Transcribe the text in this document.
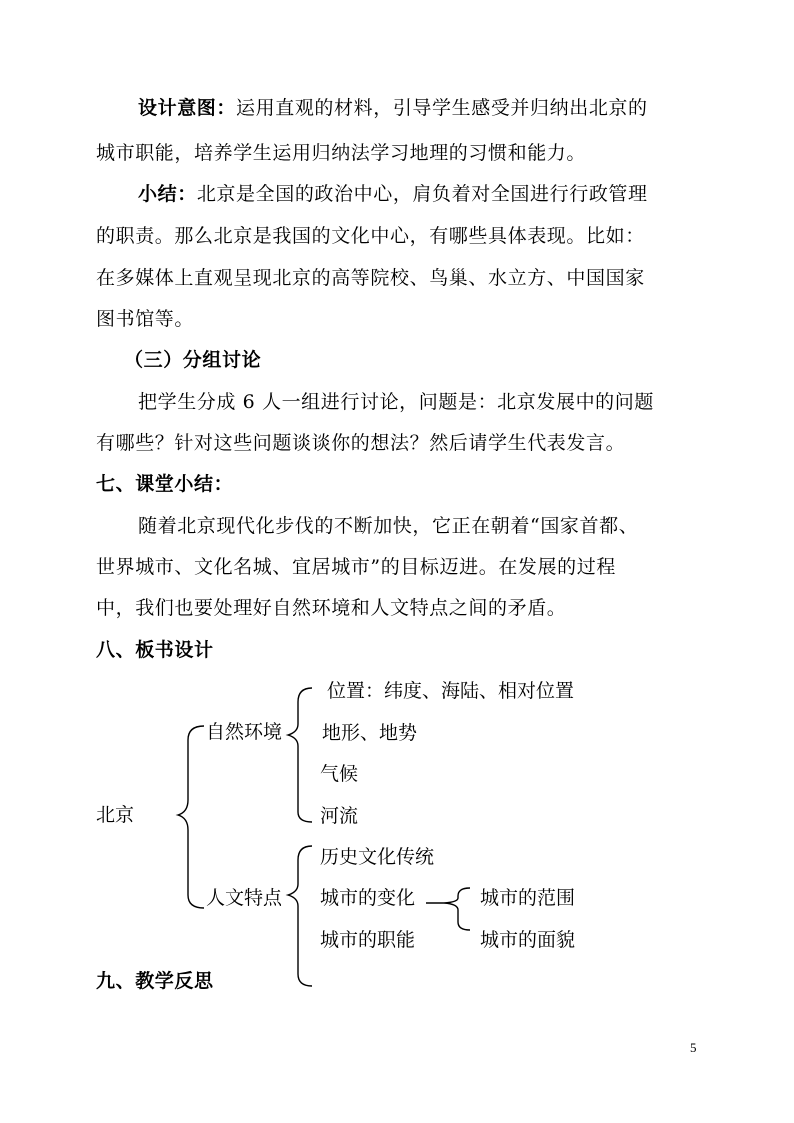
设计意图：运用直观的材料，引导学生感受并归纳出北京的
城市职能，培养学生运用归纳法学习地理的习惯和能力。
小结：北京是全国的政治中心，肩负着对全国进行行政管理
的职责。那么北京是我国的文化中心，有哪些具体表现。比如：
在多媒体上直观呈现北京的高等院校、鸟巢、水立方、中国国家
图书馆等。
（三）分组讨论
把学生分成 6 人一组进行讨论，问题是：北京发展中的问题
有哪些？针对这些问题谈谈你的想法？然后请学生代表发言。
七、课堂小结：
随着北京现代化步伐的不断加快，它正在朝着“国家首都、
世界城市、文化名城、宜居城市”的目标迈进。在发展的过程
中，我们也要处理好自然环境和人文特点之间的矛盾。
八、板书设计
北京
自然环境
人文特点
位置：纬度、海陆、相对位置
地形、地势
气候
河流
历史文化传统
城市的变化
城市的职能
城市的范围
城市的面貌
九、教学反思
5
